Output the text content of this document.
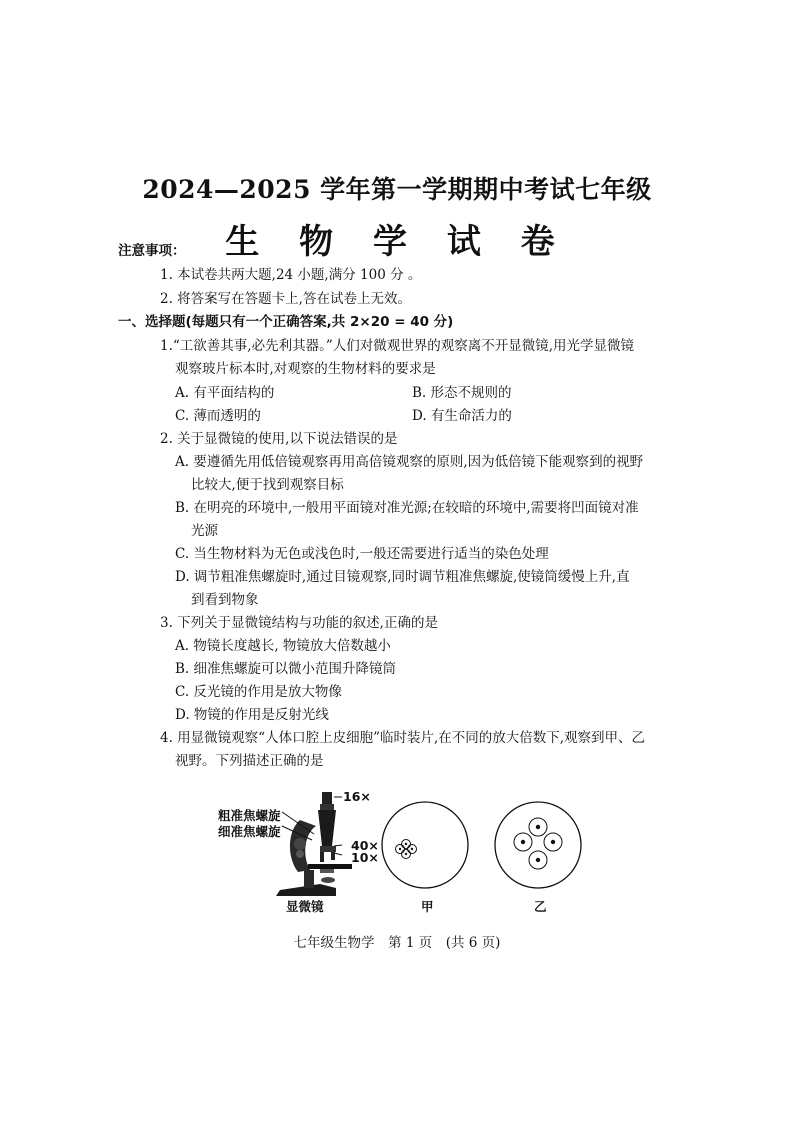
2024—2025 学年第一学期期中考试七年级
生 物 学 试 卷
注意事项：
1. 本试卷共两大题,24 小题,满分 100 分 。
2. 将答案写在答题卡上,答在试卷上无效。
一、选择题(每题只有一个正确答案,共 2×20 = 40 分)
1.“工欲善其事,必先利其器。”人们对微观世界的观察离不开显微镜,用光学显微镜
观察玻片标本时,对观察的生物材料的要求是
A. 有平面结构的	B. 形态不规则的
C. 薄而透明的	D. 有生命活力的
2. 关于显微镜的使用,以下说法错误的是
A. 要遵循先用低倍镜观察再用高倍镜观察的原则,因为低倍镜下能观察到的视野
比较大,便于找到观察目标
B. 在明亮的环境中,一般用平面镜对准光源;在较暗的环境中,需要将凹面镜对准
光源
C. 当生物材料为无色或浅色时,一般还需要进行适当的染色处理
D. 调节粗准焦螺旋时,通过目镜观察,同时调节粗准焦螺旋,使镜筒缓慢上升,直
到看到物象
3. 下列关于显微镜结构与功能的叙述,正确的是
A. 物镜长度越长, 物镜放大倍数越小
B. 细准焦螺旋可以微小范围升降镜筒
C. 反光镜的作用是放大物像
D. 物镜的作用是反射光线
4. 用显微镜观察“人体口腔上皮细胞”临时装片,在不同的放大倍数下,观察到甲、乙
视野。下列描述正确的是
16×
粗准焦螺旋
细准焦螺旋
40×
10×
显微镜	甲	乙
七年级生物学　第 1 页　(共 6 页)
